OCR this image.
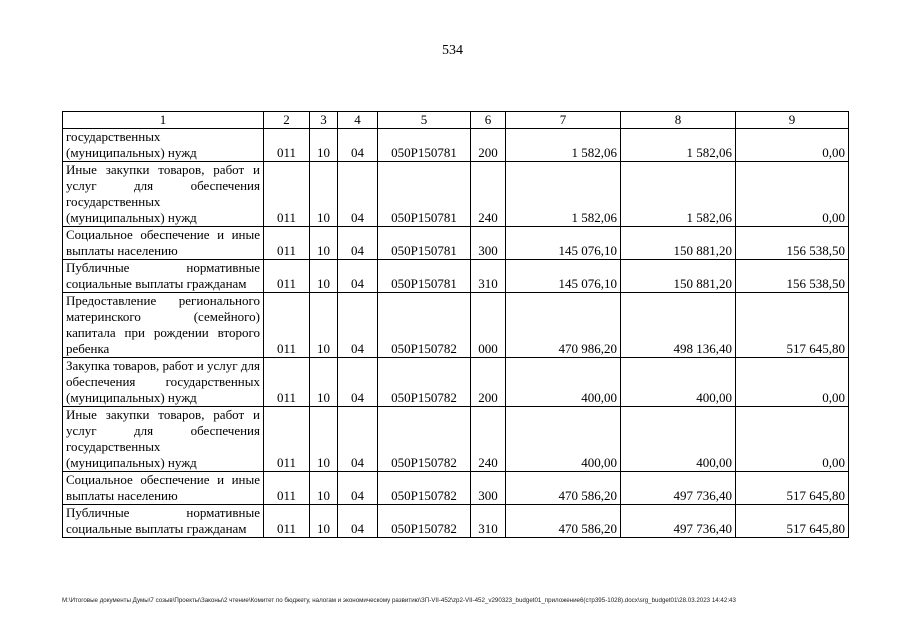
534
1	2	3	4	5	6	7	8	9
государственных (муниципальных) нужд	011	10	04	050Р150781	200	1 582,06	1 582,06	0,00
Иные закупки товаров, работ и услуг для обеспечения государственных (муниципальных) нужд	011	10	04	050Р150781	240	1 582,06	1 582,06	0,00
Социальное обеспечение и иные выплаты населению	011	10	04	050Р150781	300	145 076,10	150 881,20	156 538,50
Публичные нормативные социальные выплаты гражданам	011	10	04	050Р150781	310	145 076,10	150 881,20	156 538,50
Предоставление регионального материнского (семейного) капитала при рождении второго ребенка	011	10	04	050Р150782	000	470 986,20	498 136,40	517 645,80
Закупка товаров, работ и услуг для обеспечения государственных (муниципальных) нужд	011	10	04	050Р150782	200	400,00	400,00	0,00
Иные закупки товаров, работ и услуг для обеспечения государственных (муниципальных) нужд	011	10	04	050Р150782	240	400,00	400,00	0,00
Социальное обеспечение и иные выплаты населению	011	10	04	050Р150782	300	470 586,20	497 736,40	517 645,80
Публичные нормативные социальные выплаты гражданам	011	10	04	050Р150782	310	470 586,20	497 736,40	517 645,80
M:\Итоговые документы Думы\7 созыв\Проекты\Законы\2 чтение\Комитет по бюджету, налогам и экономическому развитию\ЗП-VII-452\zp2-VII-452_v290323_budget01_приложение6(стр395-1028).docx\srg_budget01\28.03.2023 14:42:43
